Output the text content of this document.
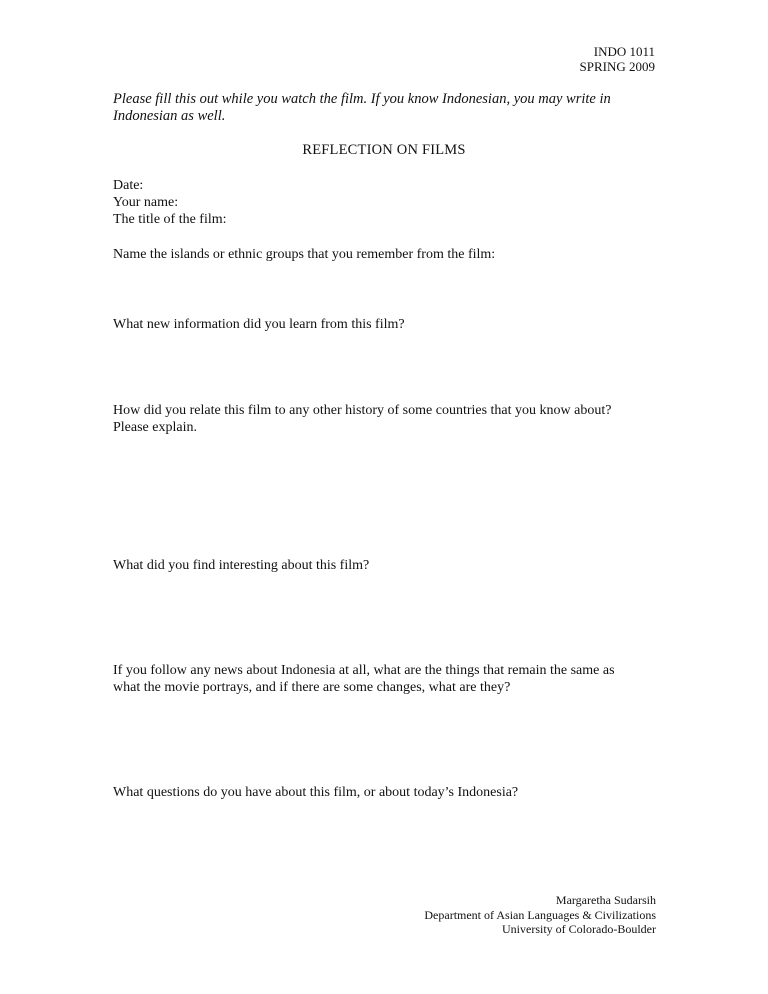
INDO 1011
SPRING 2009
Please fill this out while you watch the film. If you know Indonesian, you may write in
Indonesian as well.
REFLECTION ON FILMS
Date:
Your name:
The title of the film:
Name the islands or ethnic groups that you remember from the film:
What new information did you learn from this film?
How did you relate this film to any other history of some countries that you know about?
Please explain.
What did you find interesting about this film?
If you follow any news about Indonesia at all, what are the things that remain the same as
what the movie portrays, and if there are some changes, what are they?
What questions do you have about this film, or about today’s Indonesia?
Margaretha Sudarsih
Department of Asian Languages & Civilizations
University of Colorado-Boulder
